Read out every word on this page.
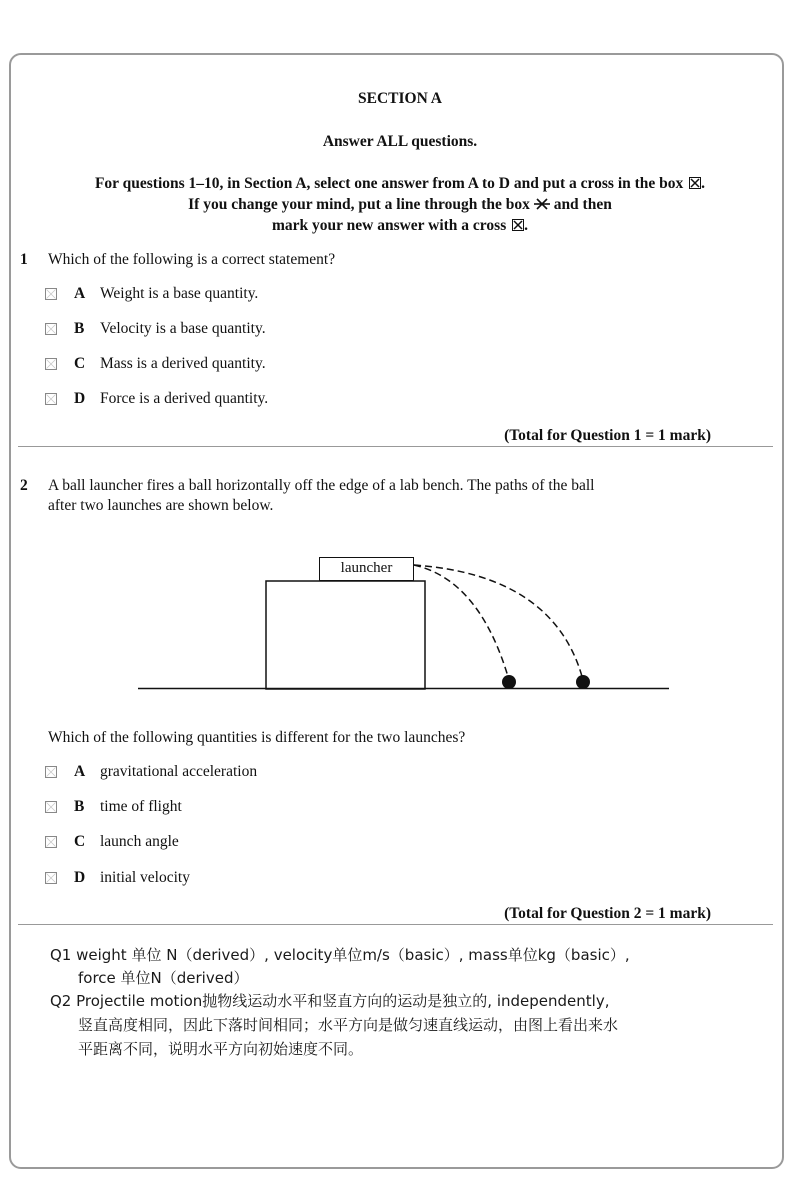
SECTION A
Answer ALL questions.
For questions 1–10, in Section A, select one answer from A to D and put a cross in the box ☒.
If you change your mind, put a line through the box and then
mark your new answer with a cross ☒.
1 Which of the following is a correct statement?
A Weight is a base quantity.
B	Velocity is a base quantity.
C Mass is a derived quantity.
D Force is a derived quantity.
(Total for Question 1 = 1 mark)
2 A ball launcher fires a ball horizontally off the edge of a lab bench. The paths of the ball
after two launches are shown below.
launcher
Which of the following quantities is different for the two launches?
A gravitational acceleration
B	time of flight
C launch angle
D initial velocity
(Total for Question 2 = 1 mark)
Q1 weight 单位 N（derived）, velocity单位m/s（basic）, mass单位kg（basic）,
force 单位N（derived）
Q2 Projectile motion抛物线运动水平和竖直方向的运动是独立的, independently,
竖直高度相同，因此下落时间相同；水平方向是做匀速直线运动，由图上看出来水
平距离不同，说明水平方向初始速度不同。
